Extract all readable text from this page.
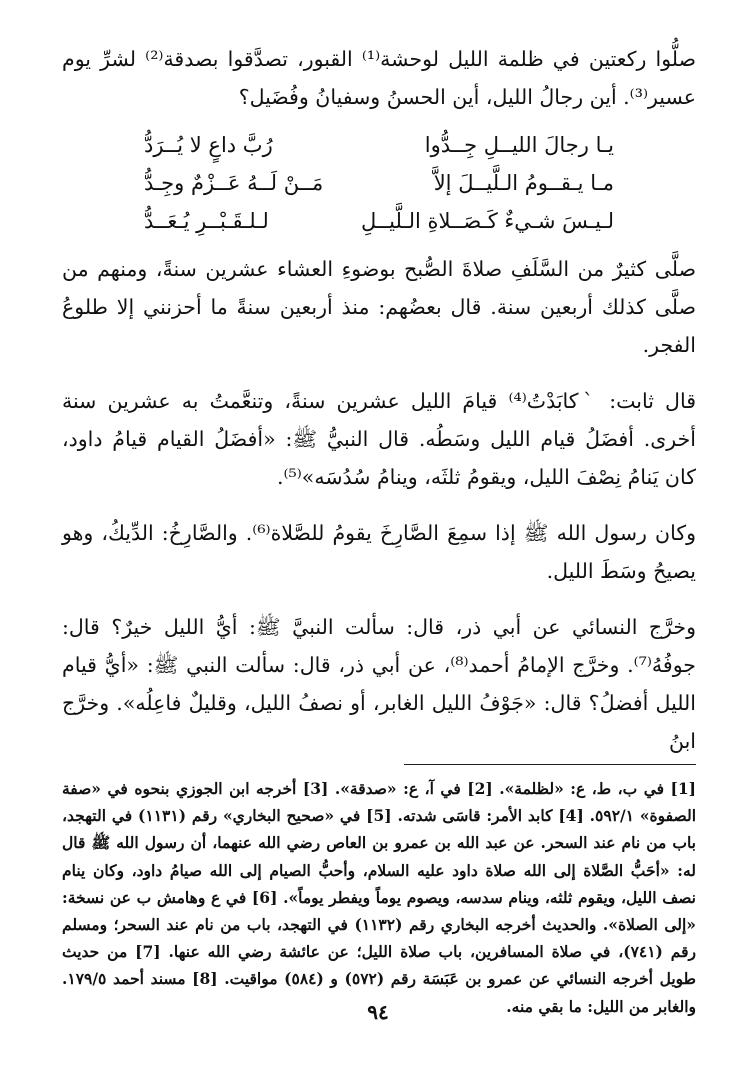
صلُّوا ركعتين في ظلمة الليل لوحشة⁽¹⁾ القبور، تصدَّقوا بصدقة⁽²⁾ لشرِّ يوم عسير⁽³⁾. أين رجالُ الليل، أين الحسنُ وسفيانُ وفُضَيل؟

يـا رجالَ الليــلِ جِــدُّوا
رُبَّ داعٍ لا يُــرَدُّ
مـا يـقــومُ الـلَّيــلَ إلاَّ
مَــنْ لَــهُ عَــزْمٌ وجِـدُّ
لـيـسَ شـيءٌ كَـصَــلاةِ الـلَّيــلِ
لـلـقَـبْــرِ يُـعَــدُّ

صلَّى كثيرٌ من السَّلَفِ صلاةَ الصُّبح بوضوءِ العشاء عشرين سنةً، ومنهم من صلَّى كذلك أربعين سنة. قال بعضُهم: منذ أربعين سنةً ما أحزنني إلا طلوعُ الفجر.

قال ثابت: ˋكابَدْتُ⁽⁴⁾ قيامَ الليل عشرين سنةً، وتنعَّمتُ به عشرين سنة أخرى. أفضَلُ قيام الليل وسَطُه. قال النبيُّ ﷺ: «أفضَلُ القيام قيامُ داود، كان يَنامُ نِصْفَ الليل، ويقومُ ثلثَه، وينامُ سُدُسَه»⁽⁵⁾.

وكان رسول الله ﷺ إذا سمِعَ الصَّارِخَ يقومُ للصَّلاة⁽⁶⁾. والصَّارِخُ: الدِّيكُ، وهو يصيحُ وسَطَ الليل.

وخرَّج النسائي عن أبي ذر، قال: سألت النبيَّ ﷺ: أيُّ الليل خيرٌ؟ قال: جوفُهُ⁽⁷⁾. وخرَّج الإمامُ أحمد⁽⁸⁾، عن أبي ذر، قال: سألت النبي ﷺ: «أيُّ قيام الليل أفضلُ؟ قال: «جَوْفُ الليل الغابر، أو نصفُ الليل، وقليلٌ فاعِلُه». وخرَّج ابنُ

[1] في ب، ط، ع: «لظلمة». [2] في آ، ع: «صدقة». [3] أخرجه ابن الجوزي بنحوه في «صفة الصفوة» ٥٩٢/١. [4] كابد الأمر: قاسَى شدته. [5] في «صحيح البخاري» رقم (١١٣١) في التهجد، باب من نام عند السحر. عن عبد الله بن عمرو بن العاص رضي الله عنهما، أن رسول الله ﷺ قال له: «أحَبُّ الصَّلاة إلى الله صلاة داود عليه السلام، وأحبُّ الصيام إلى الله صيامُ داود، وكان ينام نصف الليل، ويقوم ثلثه، وينام سدسه، ويصوم يوماً ويفطر يوماً». [6] في ع وهامش ب عن نسخة: «إلى الصلاة». والحديث أخرجه البخاري رقم (١١٣٢) في التهجد، باب من نام عند السحر؛ ومسلم رقم (٧٤١)، في صلاة المسافرين، باب صلاة الليل؛ عن عائشة رضي الله عنها. [7] من حديث طويل أخرجه النسائي عن عمرو بن عَبَسَة رقم (٥٧٢) و (٥٨٤) مواقيت. [8] مسند أحمد ١٧٩/٥. والغابر من الليل: ما بقي منه.
٩٤
